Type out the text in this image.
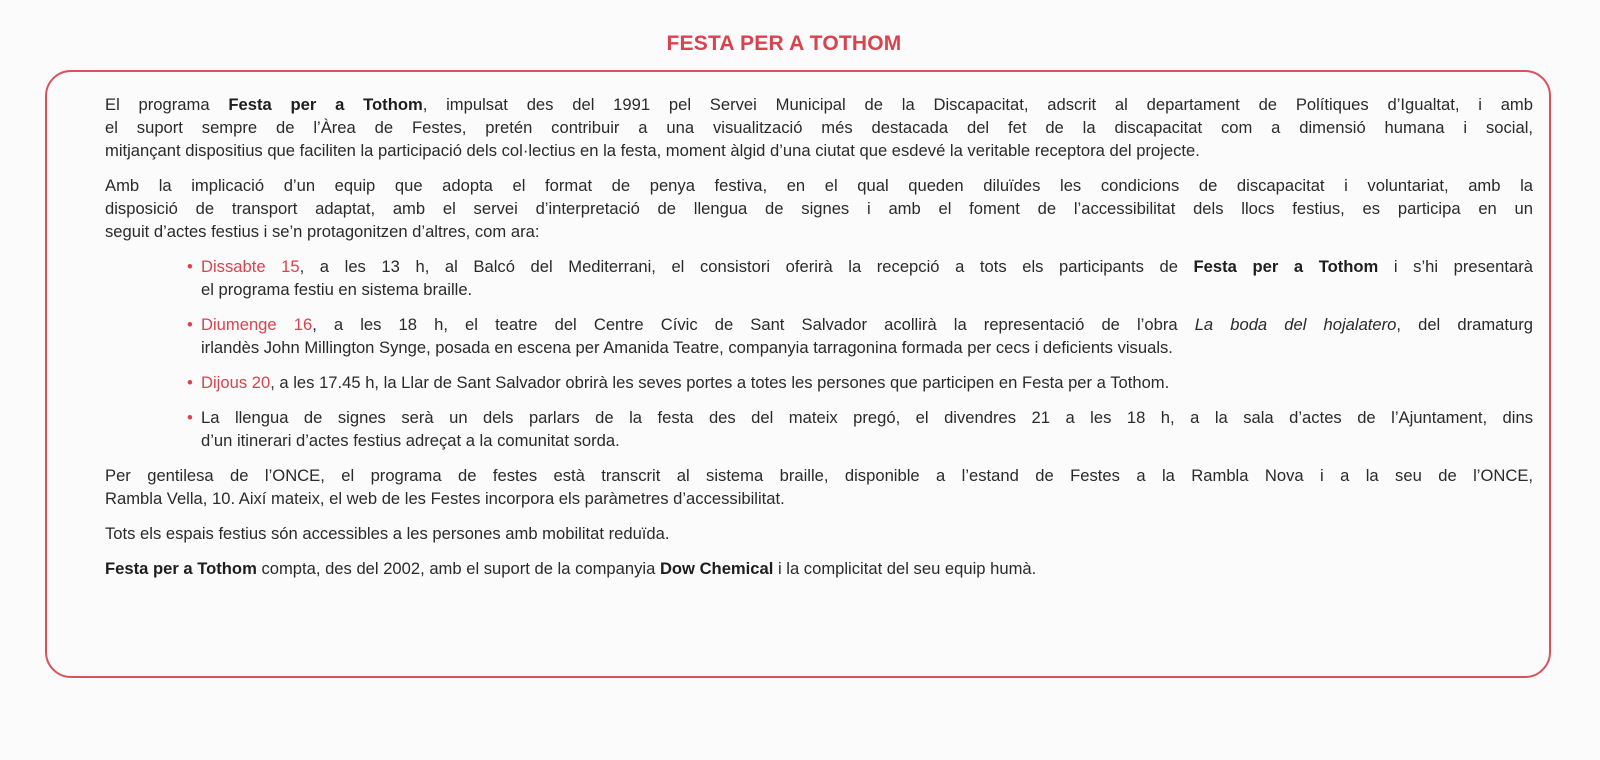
FESTA PER A TOTHOM
El programa Festa per a Tothom, impulsat des del 1991 pel Servei Municipal de la Discapacitat, adscrit al departament de Polítiques d’Igualtat, i amb
el suport sempre de l’Àrea de Festes, pretén contribuir a una visualització més destacada del fet de la discapacitat com a dimensió humana i social,
mitjançant dispositius que faciliten la participació dels col·lectius en la festa, moment àlgid d’una ciutat que esdevé la veritable receptora del projecte.
Amb la implicació d’un equip que adopta el format de penya festiva, en el qual queden diluïdes les condicions de discapacitat i voluntariat, amb la
disposició de transport adaptat, amb el servei d’interpretació de llengua de signes i amb el foment de l’accessibilitat dels llocs festius, es participa en un
seguit d’actes festius i se’n protagonitzen d’altres, com ara:
• Dissabte 15, a les 13 h, al Balcó del Mediterrani, el consistori oferirà la recepció a tots els participants de Festa per a Tothom i s’hi presentarà
el programa festiu en sistema braille.
• Diumenge 16, a les 18 h, el teatre del Centre Cívic de Sant Salvador acollirà la representació de l’obra La boda del hojalatero, del dramaturg
irlandès John Millington Synge, posada en escena per Amanida Teatre, companyia tarragonina formada per cecs i deficients visuals.
• Dijous 20, a les 17.45 h, la Llar de Sant Salvador obrirà les seves portes a totes les persones que participen en Festa per a Tothom.
• La llengua de signes serà un dels parlars de la festa des del mateix pregó, el divendres 21 a les 18 h, a la sala d’actes de l’Ajuntament, dins
d’un itinerari d’actes festius adreçat a la comunitat sorda.
Per gentilesa de l’ONCE, el programa de festes està transcrit al sistema braille, disponible a l’estand de Festes a la Rambla Nova i a la seu de l’ONCE,
Rambla Vella, 10. Així mateix, el web de les Festes incorpora els paràmetres d’accessibilitat.
Tots els espais festius són accessibles a les persones amb mobilitat reduïda.
Festa per a Tothom compta, des del 2002, amb el suport de la companyia Dow Chemical i la complicitat del seu equip humà.
